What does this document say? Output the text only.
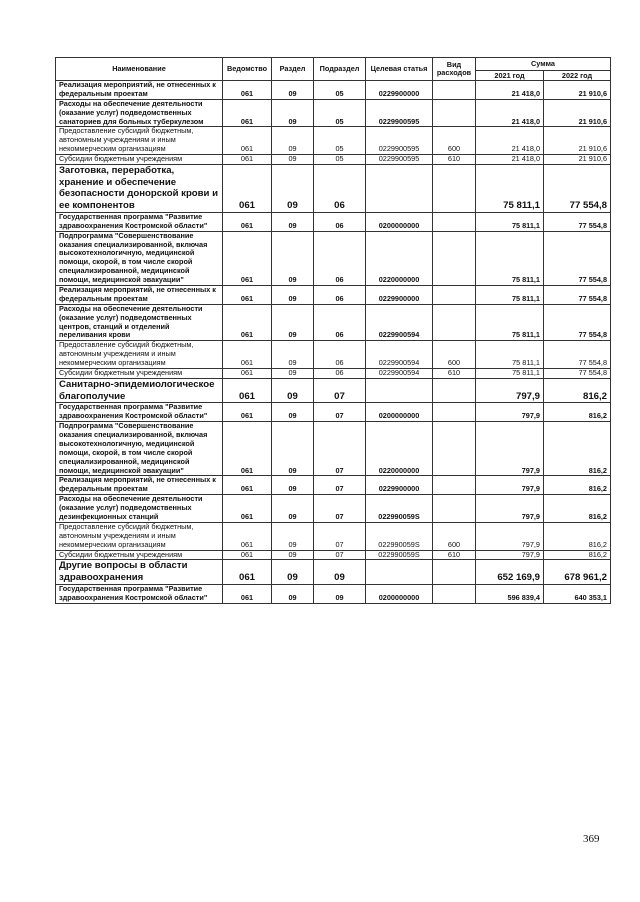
Наименование	Ведомство	Раздел	Подраздел	Целевая статья	Вид расходов	Сумма	
						2021 год	2022 год
Реализация мероприятий, не отнесенных к федеральным проектам	061	09	05	0229900000		21 418,0	21 910,6
Расходы на обеспечение деятельности (оказание услуг) подведомственных санаториев для больных туберкулезом	061	09	05	0229900595		21 418,0	21 910,6
Предоставление субсидий бюджетным, автономным учреждениям и иным некоммерческим организациям	061	09	05	0229900595	600	21 418,0	21 910,6
Субсидии бюджетным учреждениям	061	09	05	0229900595	610	21 418,0	21 910,6
Заготовка, переработка, хранение и обеспечение безопасности донорской крови и ее компонентов	061	09	06			75 811,1	77 554,8
Государственная программа "Развитие здравоохранения Костромской области"	061	09	06	0200000000		75 811,1	77 554,8
Подпрограмма "Совершенствование оказания специализированной, включая высокотехнологичную, медицинской помощи, скорой, в том числе скорой специализированной, медицинской помощи, медицинской эвакуации"	061	09	06	0220000000		75 811,1	77 554,8
Реализация мероприятий, не отнесенных к федеральным проектам	061	09	06	0229900000		75 811,1	77 554,8
Расходы на обеспечение деятельности (оказание услуг) подведомственных центров, станций и отделений переливания крови	061	09	06	0229900594		75 811,1	77 554,8
Предоставление субсидий бюджетным, автономным учреждениям и иным некоммерческим организациям	061	09	06	0229900594	600	75 811,1	77 554,8
Субсидии бюджетным учреждениям	061	09	06	0229900594	610	75 811,1	77 554,8
Санитарно-эпидемиологическое благополучие	061	09	07			797,9	816,2
Государственная программа "Развитие здравоохранения Костромской области"	061	09	07	0200000000		797,9	816,2
Подпрограмма "Совершенствование оказания специализированной, включая высокотехнологичную, медицинской помощи, скорой, в том числе скорой специализированной, медицинской помощи, медицинской эвакуации"	061	09	07	0220000000		797,9	816,2
Реализация мероприятий, не отнесенных к федеральным проектам	061	09	07	0229900000		797,9	816,2
Расходы на обеспечение деятельности (оказание услуг) подведомственных дезинфекционных станций	061	09	07	022990059S		797,9	816,2
Предоставление субсидий бюджетным, автономным учреждениям и иным некоммерческим организациям	061	09	07	022990059S	600	797,9	816,2
Субсидии бюджетным учреждениям	061	09	07	022990059S	610	797,9	816,2
Другие вопросы в области здравоохранения	061	09	09			652 169,9	678 961,2
Государственная программа "Развитие здравоохранения Костромской области"	061	09	09	0200000000		596 839,4	640 353,1
369
